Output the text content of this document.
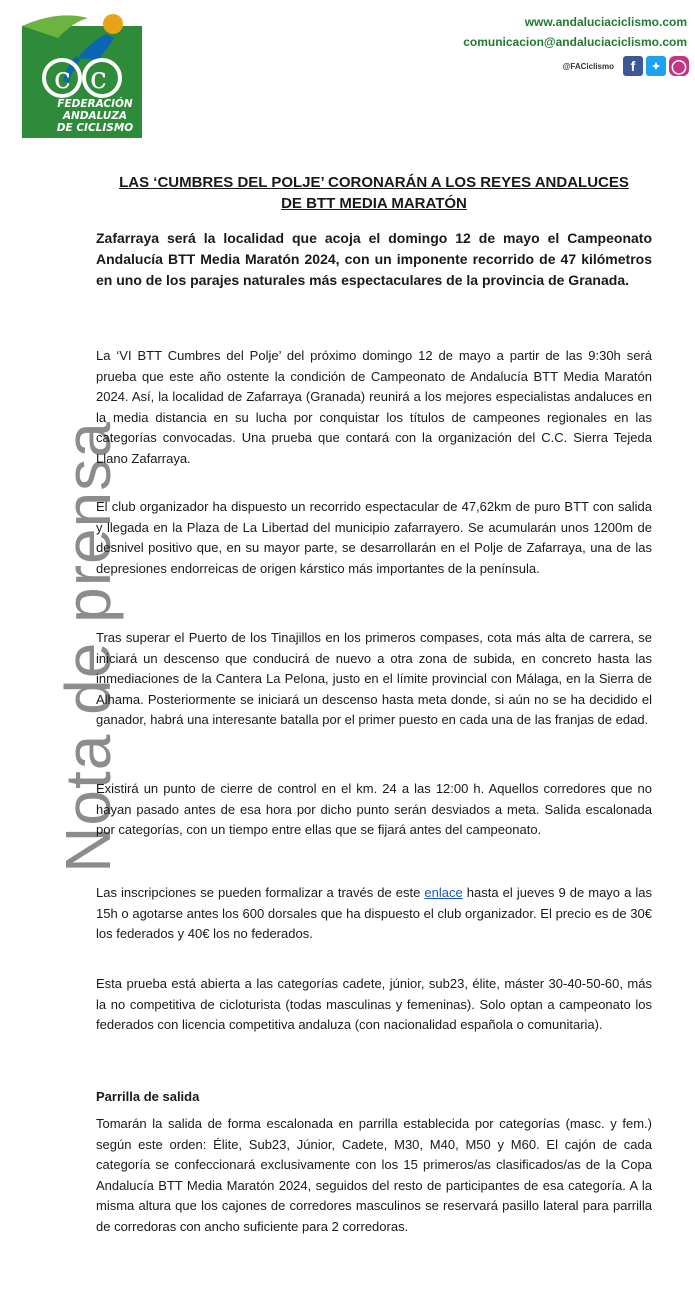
c c
FEDERACIÓN
ANDALUZA
DE CICLISMO
www.andaluciaciclismo.com
comunicacion@andaluciaciclismo.com
@FACiclismo	f	✦ ◯
Nota de prensa
LAS ‘CUMBRES DEL POLJE’ CORONARÁN A LOS REYES ANDALUCES
DE BTT MEDIA MARATÓN

Zafarraya será la localidad que acoja el domingo 12 de mayo el Campeonato Andalucía BTT Media Maratón 2024, con un imponente recorrido de 47 kilómetros en uno de los parajes naturales más espectaculares de la provincia de Granada.

La ‘VI BTT Cumbres del Polje’ del próximo domingo 12 de mayo a partir de las 9:30h será prueba que este año ostente la condición de Campeonato de Andalucía BTT Media Maratón 2024. Así, la localidad de Zafarraya (Granada) reunirá a los mejores especialistas andaluces en la media distancia en su lucha por conquistar los títulos de campeones regionales en las categorías convocadas. Una prueba que contará con la organización del C.C. Sierra Tejeda Llano Zafarraya.

El club organizador ha dispuesto un recorrido espectacular de 47,62km de puro BTT con salida y llegada en la Plaza de La Libertad del municipio zafarrayero. Se acumularán unos 1200m de desnivel positivo que, en su mayor parte, se desarrollarán en el Polje de Zafarraya, una de las depresiones endorreicas de origen kárstico más importantes de la península.

Tras superar el Puerto de los Tinajillos en los primeros compases, cota más alta de carrera, se iniciará un descenso que conducirá de nuevo a otra zona de subida, en concreto hasta las inmediaciones de la Cantera La Pelona, justo en el límite provincial con Málaga, en la Sierra de Alhama. Posteriormente se iniciará un descenso hasta meta donde, si aún no se ha decidido el ganador, habrá una interesante batalla por el primer puesto en cada una de las franjas de edad.

Existirá un punto de cierre de control en el km. 24 a las 12:00 h. Aquellos corredores que no hayan pasado antes de esa hora por dicho punto serán desviados a meta. Salida escalonada por categorías, con un tiempo entre ellas que se fijará antes del campeonato.

Las inscripciones se pueden formalizar a través de este enlace hasta el jueves 9 de mayo a las 15h o agotarse antes los 600 dorsales que ha dispuesto el club organizador. El precio es de 30€ los federados y 40€ los no federados.

Esta prueba está abierta a las categorías cadete, júnior, sub23, élite, máster 30-40-50-60, más la no competitiva de cicloturista (todas masculinas y femeninas). Solo optan a campeonato los federados con licencia competitiva andaluza (con nacionalidad española o comunitaria).

Parrilla de salida

Tomarán la salida de forma escalonada en parrilla establecida por categorías (masc. y fem.) según este orden: Élite, Sub23, Júnior, Cadete, M30, M40, M50 y M60. El cajón de cada categoría se confeccionará exclusivamente con los 15 primeros/as clasificados/as de la Copa Andalucía BTT Media Maratón 2024, seguidos del resto de participantes de esa categoría. A la misma altura que los cajones de corredores masculinos se reservará pasillo lateral para parrilla de corredoras con ancho suficiente para 2 corredoras.
